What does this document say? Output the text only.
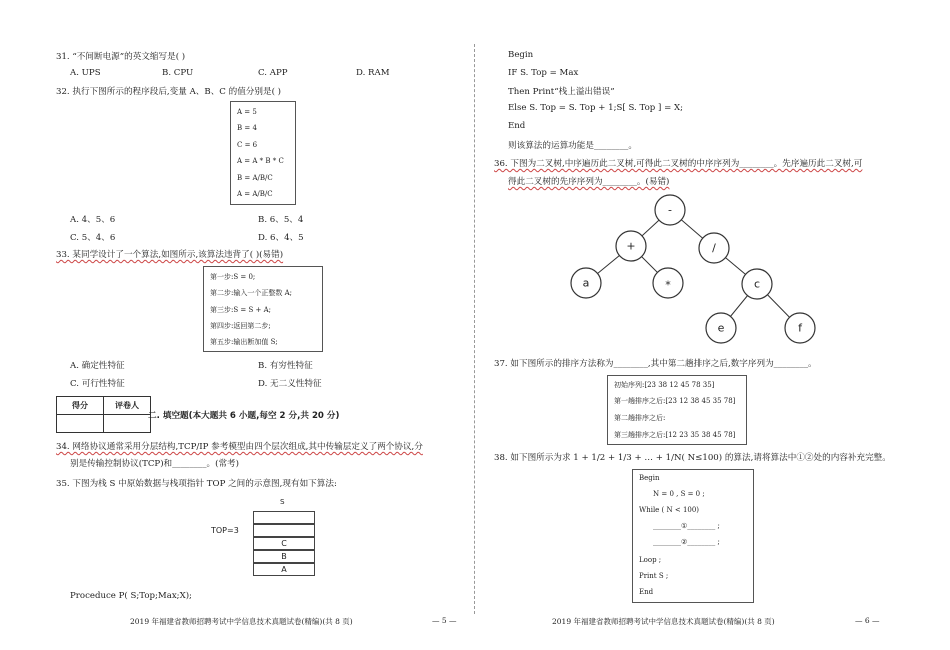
31. “不间断电源”的英文缩写是( )
A. UPS	B. CPU	C. APP	D. RAM
32. 执行下图所示的程序段后,变量 A、B、C 的值分别是( )
A = 5
B = 4
C = 6
A = A * B * C
B = A/B/C
A = A/B/C
A. 4、5、6	B. 6、5、4
C. 5、4、6	D. 6、4、5
33. 某同学设计了一个算法,如图所示,该算法违背了( )(易错)
第一步:S = 0;
第二步:输入一个正整数 A;
第三步:S = S + A;
第四步:返回第二步;
第五步:输出断加值 S;
A. 确定性特征	B. 有穷性特征
C. 可行性特征	D. 无二义性特征
得分	评卷人

二. 填空题(本大题共 6 小题,每空 2 分,共 20 分)
34. 网络协议通常采用分层结构,TCP/IP 参考模型由四个层次组成,其中传输层定义了两个协议,分
别是传输控制协议(TCP)和________。(常考)
35. 下图为栈 S 中原始数据与栈项指针 TOP 之间的示意图,现有如下算法:
S
TOP=3
C
B
A
Proceduce P( S;Top;Max;X);
2019 年福建省教师招聘考试中学信息技术真题试卷(精编)(共 8 页)	— 5 —
Begin
IF S. Top = Max
Then Print“栈上溢出错误”
Else S. Top = S. Top + 1;S[ S. Top ] = X;
End
则该算法的运算功能是________。
36. 下图为二叉树,中序遍历此二叉树,可得此二叉树的中序序列为________。先序遍历此二叉树,可
得此二叉树的先序序列为________。(易错)
-
+	/
a	*	c
e	f
37. 如下图所示的排序方法称为________,其中第二趟排序之后,数字序列为________。
初始序列:[23 38 12 45 78 35]
第一趟排序之后:[23 12 38 45 35 78]
第二趟排序之后:
第三趟排序之后:[12 23 35 38 45 78]
38. 如下图所示为求 1 + 1/2 + 1/3 + … + 1/N( N≤100) 的算法,请将算法中①②处的内容补充完整。
Begin
N = 0 , S = 0 ;
While ( N < 100)
________①________ ;
________②________ ;
Loop ;
Print S ;
End
2019 年福建省教师招聘考试中学信息技术真题试卷(精编)(共 8 页)	— 6 —
